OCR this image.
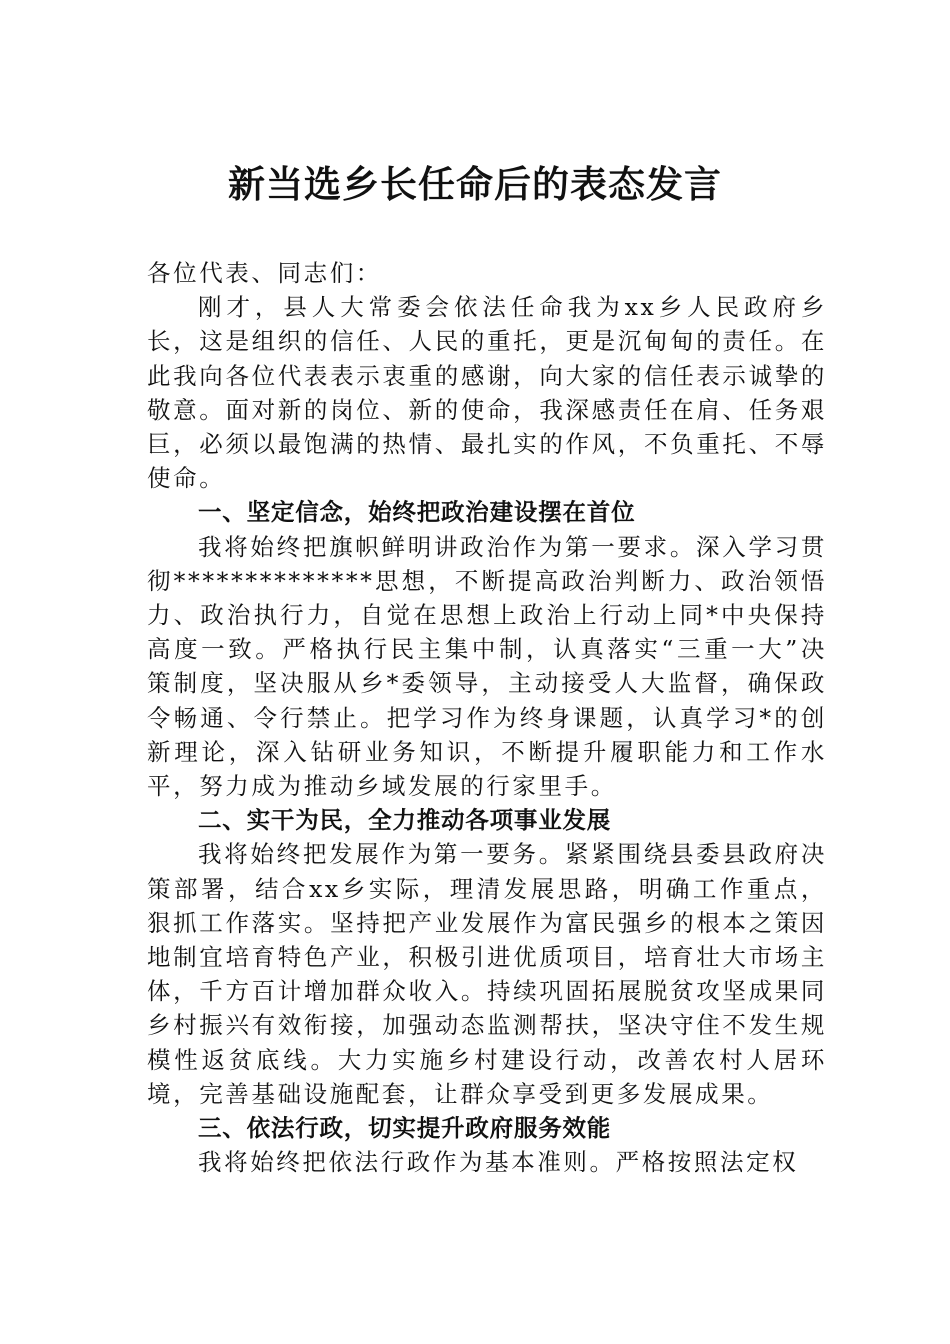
新当选乡长任命后的表态发言

各位代表、同志们：

刚才，县人大常委会依法任命我为xx乡人民政府乡长，这是组织的信任、人民的重托，更是沉甸甸的责任。在此我向各位代表表示衷重的感谢，向大家的信任表示诚挚的敬意。面对新的岗位、新的使命，我深感责任在肩、任务艰巨，必须以最饱满的热情、最扎实的作风，不负重托、不辱使命。

一、坚定信念，始终把政治建设摆在首位

我将始终把旗帜鲜明讲政治作为第一要求。深入学习贯彻**************思想，不断提高政治判断力、政治领悟力、政治执行力，自觉在思想上政治上行动上同*中央保持高度一致。严格执行民主集中制，认真落实“三重一大”决策制度，坚决服从乡*委领导，主动接受人大监督，确保政令畅通、令行禁止。把学习作为终身课题，认真学习*的创新理论，深入钻研业务知识，不断提升履职能力和工作水平，努力成为推动乡域发展的行家里手。

二、实干为民，全力推动各项事业发展

我将始终把发展作为第一要务。紧紧围绕县委县政府决策部署，结合xx乡实际，理清发展思路，明确工作重点，狠抓工作落实。坚持把产业发展作为富民强乡的根本之策因地制宜培育特色产业，积极引进优质项目，培育壮大市场主体，千方百计增加群众收入。持续巩固拓展脱贫攻坚成果同乡村振兴有效衔接，加强动态监测帮扶，坚决守住不发生规模性返贫底线。大力实施乡村建设行动，改善农村人居环境，完善基础设施配套，让群众享受到更多发展成果。

三、依法行政，切实提升政府服务效能

我将始终把依法行政作为基本准则。严格按照法定权
